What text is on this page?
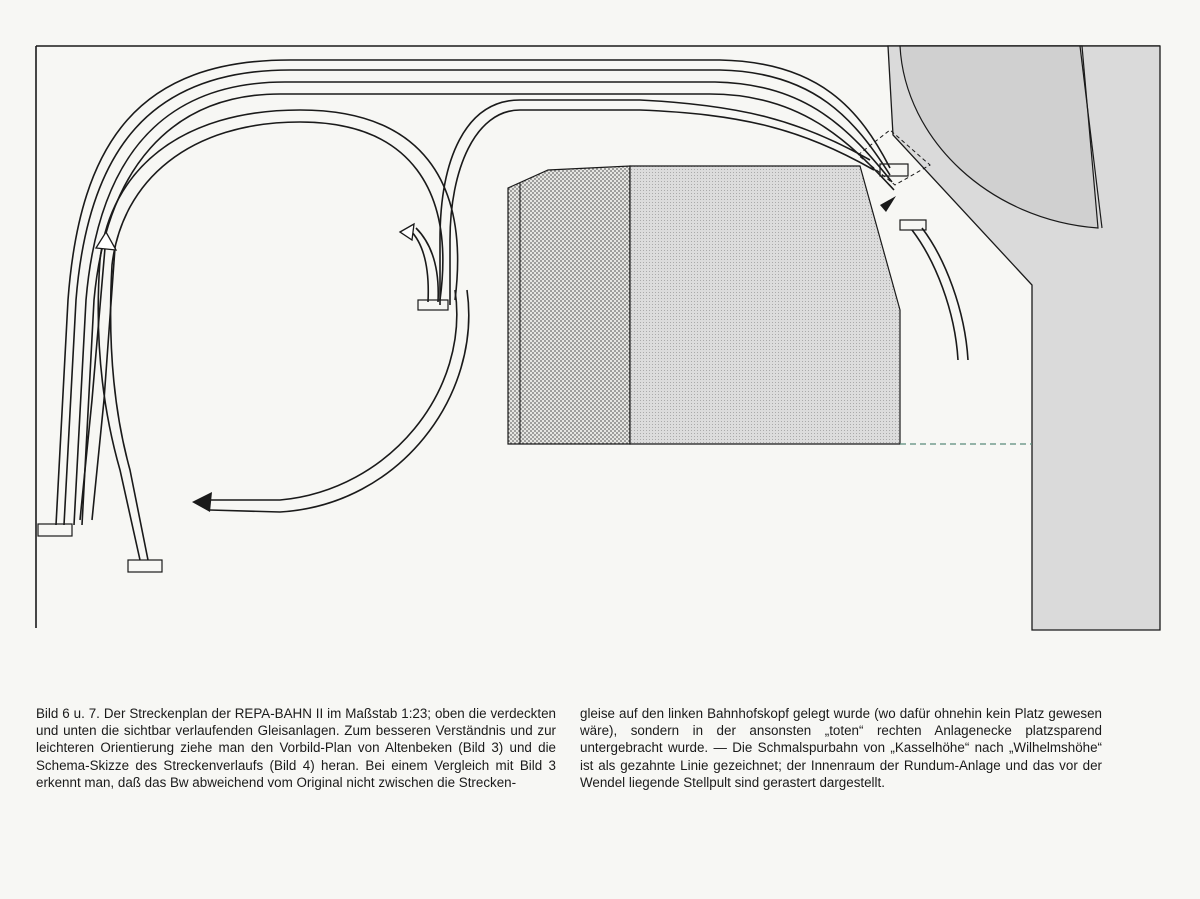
Bild 6 u. 7. Der Streckenplan der REPA-BAHN II im Maßstab 1:23; oben die verdeckten und unten die sichtbar verlaufenden Gleisanlagen. Zum besseren Verständnis und zur leichteren Orientierung ziehe man den Vorbild-Plan von Altenbeken (Bild 3) und die Schema-Skizze des Streckenverlaufs (Bild 4) heran. Bei einem Vergleich mit Bild 3 erkennt man, daß das Bw abweichend vom Original nicht zwischen die Strecken-

gleise auf den linken Bahnhofskopf gelegt wurde (wo dafür ohnehin kein Platz gewesen wäre), sondern in der ansonsten „toten“ rechten Anlagenecke platzsparend untergebracht wurde. — Die Schmalspurbahn von „Kasselhöhe“ nach „Wilhelmshöhe“ ist als gezahnte Linie gezeichnet; der Innenraum der Rundum-Anlage und das vor der Wendel liegende Stellpult sind gerastert dargestellt.
